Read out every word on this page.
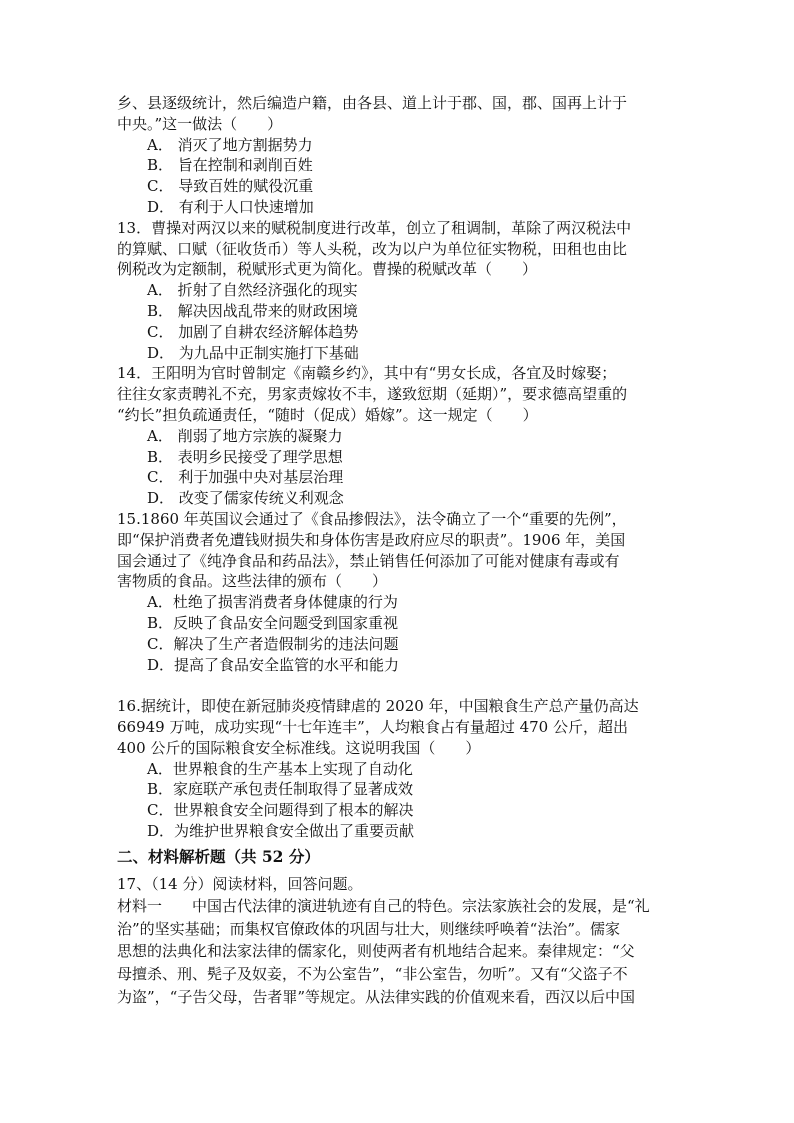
乡、县逐级统计，然后编造户籍，由各县、道上计于郡、国，郡、国再上计于
中央。”这一做法（　　）
A． 消灭了地方割据势力
B． 旨在控制和剥削百姓
C． 导致百姓的赋役沉重
D． 有利于人口快速增加
13．曹操对两汉以来的赋税制度进行改革，创立了租调制，革除了两汉税法中
的算赋、口赋（征收货币）等人头税，改为以户为单位征实物税，田租也由比
例税改为定额制，税赋形式更为简化。曹操的税赋改革（　　）
A． 折射了自然经济强化的现实
B． 解决因战乱带来的财政困境
C． 加剧了自耕农经济解体趋势
D． 为九品中正制实施打下基础
14．王阳明为官时曾制定《南赣乡约》，其中有“男女长成，各宜及时嫁娶；
往往女家责聘礼不充，男家责嫁妆不丰，遂致愆期（延期）”，要求德高望重的
“约长”担负疏通责任，“随时（促成）婚嫁”。这一规定（　　）
A． 削弱了地方宗族的凝聚力
B． 表明乡民接受了理学思想
C． 利于加强中央对基层治理
D． 改变了儒家传统义利观念
15.1860 年英国议会通过了《食品掺假法》，法令确立了一个“重要的先例”，
即“保护消费者免遭钱财损失和身体伤害是政府应尽的职责”。1906 年，美国
国会通过了《纯净食品和药品法》，禁止销售任何添加了可能对健康有毒或有
害物质的食品。这些法律的颁布（　　）
A．杜绝了损害消费者身体健康的行为
B．反映了食品安全问题受到国家重视
C．解决了生产者造假制劣的违法问题
D．提高了食品安全监管的水平和能力
16.据统计，即使在新冠肺炎疫情肆虐的 2020 年，中国粮食生产总产量仍高达
66949 万吨，成功实现“十七年连丰”，人均粮食占有量超过 470 公斤，超出
400 公斤的国际粮食安全标准线。这说明我国（　　）
A．世界粮食的生产基本上实现了自动化
B．家庭联产承包责任制取得了显著成效
C．世界粮食安全问题得到了根本的解决
D．为维护世界粮食安全做出了重要贡献
二、材料解析题（共 52 分）
17、（14 分）阅读材料，回答问题。
材料一　　中国古代法律的演进轨迹有自己的特色。宗法家族社会的发展，是“礼
治”的坚实基础；而集权官僚政体的巩固与壮大，则继续呼唤着“法治”。儒家
思想的法典化和法家法律的儒家化，则使两者有机地结合起来。秦律规定：“父
母擅杀、刑、髡子及奴妾，不为公室告”，“非公室告，勿听”。又有“父盗子不
为盗”，“子告父母，告者罪”等规定。从法律实践的价值观来看，西汉以后中国
